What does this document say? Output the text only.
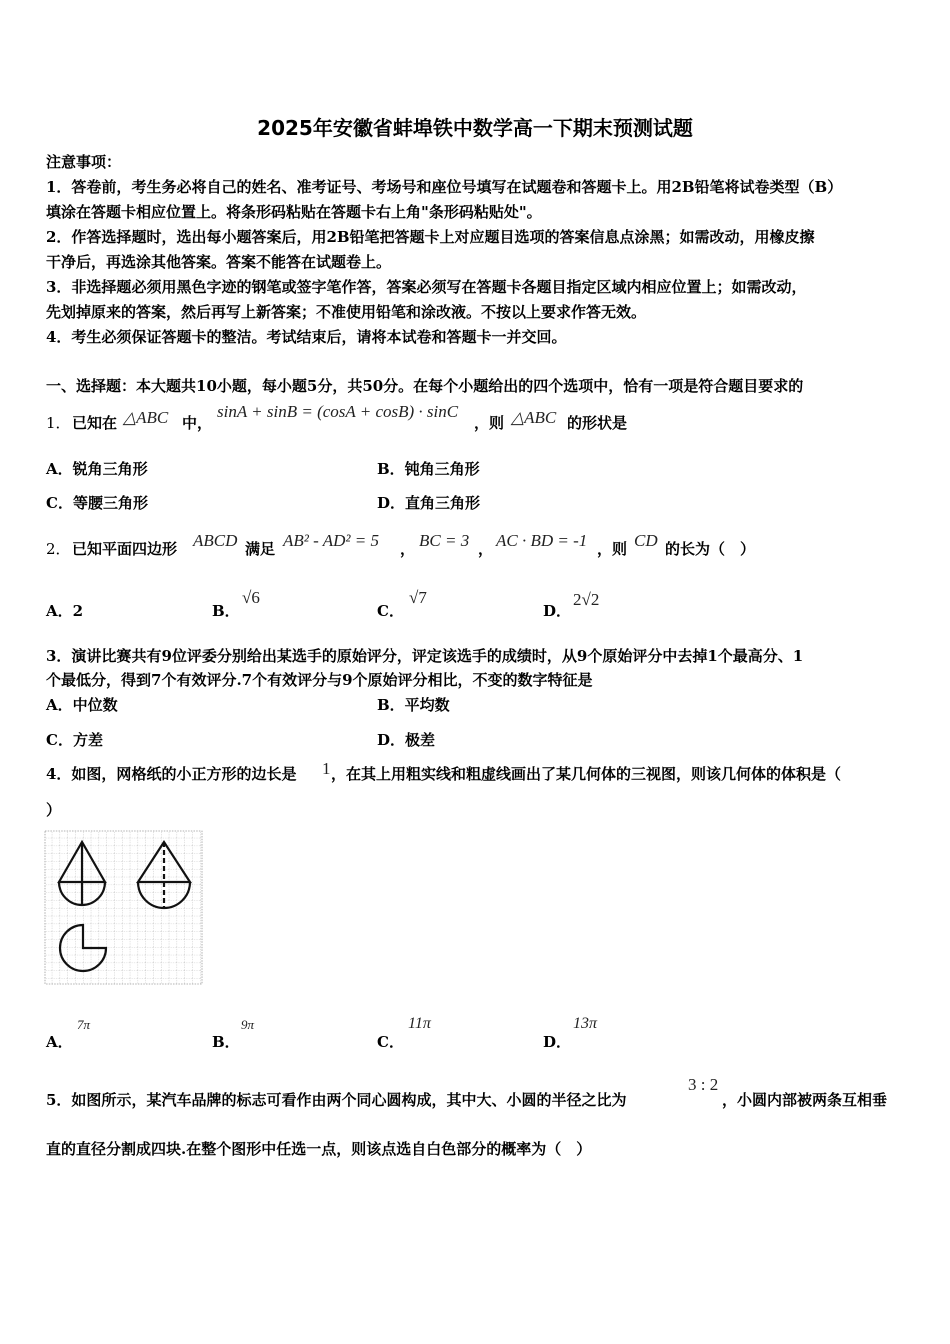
2025年安徽省蚌埠铁中数学高一下期末预测试题
注意事项：
1．答卷前，考生务必将自己的姓名、准考证号、考场号和座位号填写在试题卷和答题卡上。用2B铅笔将试卷类型（B）
填涂在答题卡相应位置上。将条形码粘贴在答题卡右上角"条形码粘贴处"。
2．作答选择题时，选出每小题答案后，用2B铅笔把答题卡上对应题目选项的答案信息点涂黑；如需改动，用橡皮擦
干净后，再选涂其他答案。答案不能答在试题卷上。
3．非选择题必须用黑色字迹的钢笔或签字笔作答，答案必须写在答题卡各题目指定区域内相应位置上；如需改动，
先划掉原来的答案，然后再写上新答案；不准使用铅笔和涂改液。不按以上要求作答无效。
4．考生必须保证答题卡的整洁。考试结束后，请将本试卷和答题卡一并交回。
一、选择题：本大题共10小题，每小题5分，共50分。在每个小题给出的四个选项中，恰有一项是符合题目要求的
1． 已知在 △ABC 中，
sinA + sinB = (cosA + cosB) · sinC
，则 △ABC 的形状是
A．锐角三角形	B．钝角三角形
C．等腰三角形	D．直角三角形
2． 已知平面四边形 ABCD 满足 AB² - AD² = 5 ， BC = 3 ， AC · BD = -1 ，则 CD 的长为（　）
A．2	B．
√6
C．
√7
D．
2√2
3．演讲比赛共有9位评委分别给出某选手的原始评分，评定该选手的成绩时，从9个原始评分中去掉1个最高分、1
个最低分，得到7个有效评分.7个有效评分与9个原始评分相比，不变的数字特征是
A．中位数	B．平均数
C．方差	D．极差
4．如图，网格纸的小正方形的边长是 1 ，在其上用粗实线和粗虚线画出了某几何体的三视图，则该几何体的体积是（
）
A．
7π
B．
9π
C．
11π
D．
13π
5．如图所示，某汽车品牌的标志可看作由两个同心圆构成，其中大、小圆的半径之比为
3 : 2
，小圆内部被两条互相垂
直的直径分割成四块.在整个图形中任选一点，则该点选自白色部分的概率为（　）
